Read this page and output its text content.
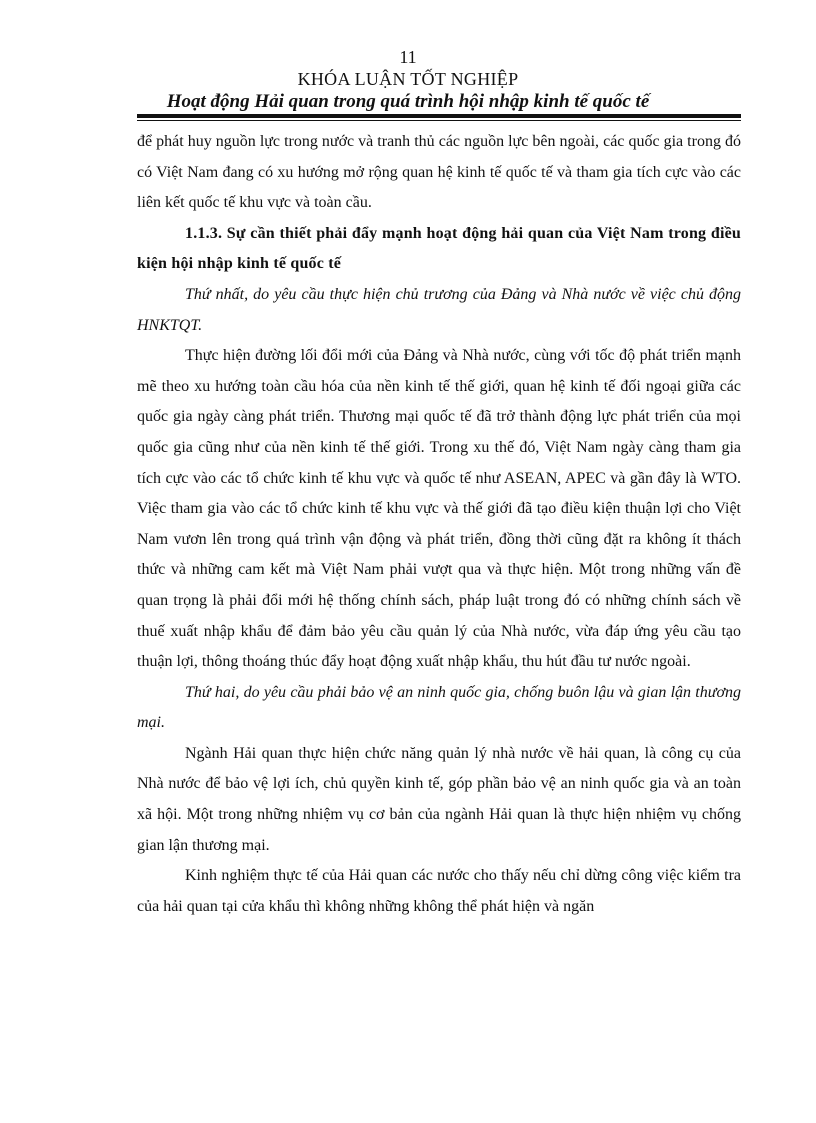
11
KHÓA LUẬN TỐT NGHIỆP
Hoạt động Hải quan trong quá trình hội nhập kinh tế quốc tế

để phát huy nguồn lực trong nước và tranh thủ các nguồn lực bên ngoài, các quốc gia trong đó có Việt Nam đang có xu hướng mở rộng quan hệ kinh tế quốc tế và tham gia tích cực vào các liên kết quốc tế khu vực và toàn cầu.

1.1.3. Sự cần thiết phải đẩy mạnh hoạt động hải quan của Việt Nam trong điều kiện hội nhập kinh tế quốc tế

Thứ nhất, do yêu cầu thực hiện chủ trương của Đảng và Nhà nước về việc chủ động HNKTQT.

Thực hiện đường lối đổi mới của Đảng và Nhà nước, cùng với tốc độ phát triển mạnh mẽ theo xu hướng toàn cầu hóa của nền kinh tế thế giới, quan hệ kinh tế đối ngoại giữa các quốc gia ngày càng phát triển. Thương mại quốc tế đã trở thành động lực phát triển của mọi quốc gia cũng như của nền kinh tế thế giới. Trong xu thế đó, Việt Nam ngày càng tham gia tích cực vào các tổ chức kinh tế khu vực và quốc tế như ASEAN, APEC và gần đây là WTO. Việc tham gia vào các tổ chức kinh tế khu vực và thế giới đã tạo điều kiện thuận lợi cho Việt Nam vươn lên trong quá trình vận động và phát triển, đồng thời cũng đặt ra không ít thách thức và những cam kết mà Việt Nam phải vượt qua và thực hiện. Một trong những vấn đề quan trọng là phải đổi mới hệ thống chính sách, pháp luật trong đó có những chính sách về thuế xuất nhập khẩu để đảm bảo yêu cầu quản lý của Nhà nước, vừa đáp ứng yêu cầu tạo thuận lợi, thông thoáng thúc đẩy hoạt động xuất nhập khẩu, thu hút đầu tư nước ngoài.

Thứ hai, do yêu cầu phải bảo vệ an ninh quốc gia, chống buôn lậu và gian lận thương mại.

Ngành Hải quan thực hiện chức năng quản lý nhà nước về hải quan, là công cụ của Nhà nước để bảo vệ lợi ích, chủ quyền kinh tế, góp phần bảo vệ an ninh quốc gia và an toàn xã hội. Một trong những nhiệm vụ cơ bản của ngành Hải quan là thực hiện nhiệm vụ chống gian lận thương mại.

Kinh nghiệm thực tế của Hải quan các nước cho thấy nếu chỉ dừng công việc kiểm tra của hải quan tại cửa khẩu thì không những không thể phát hiện và ngăn
